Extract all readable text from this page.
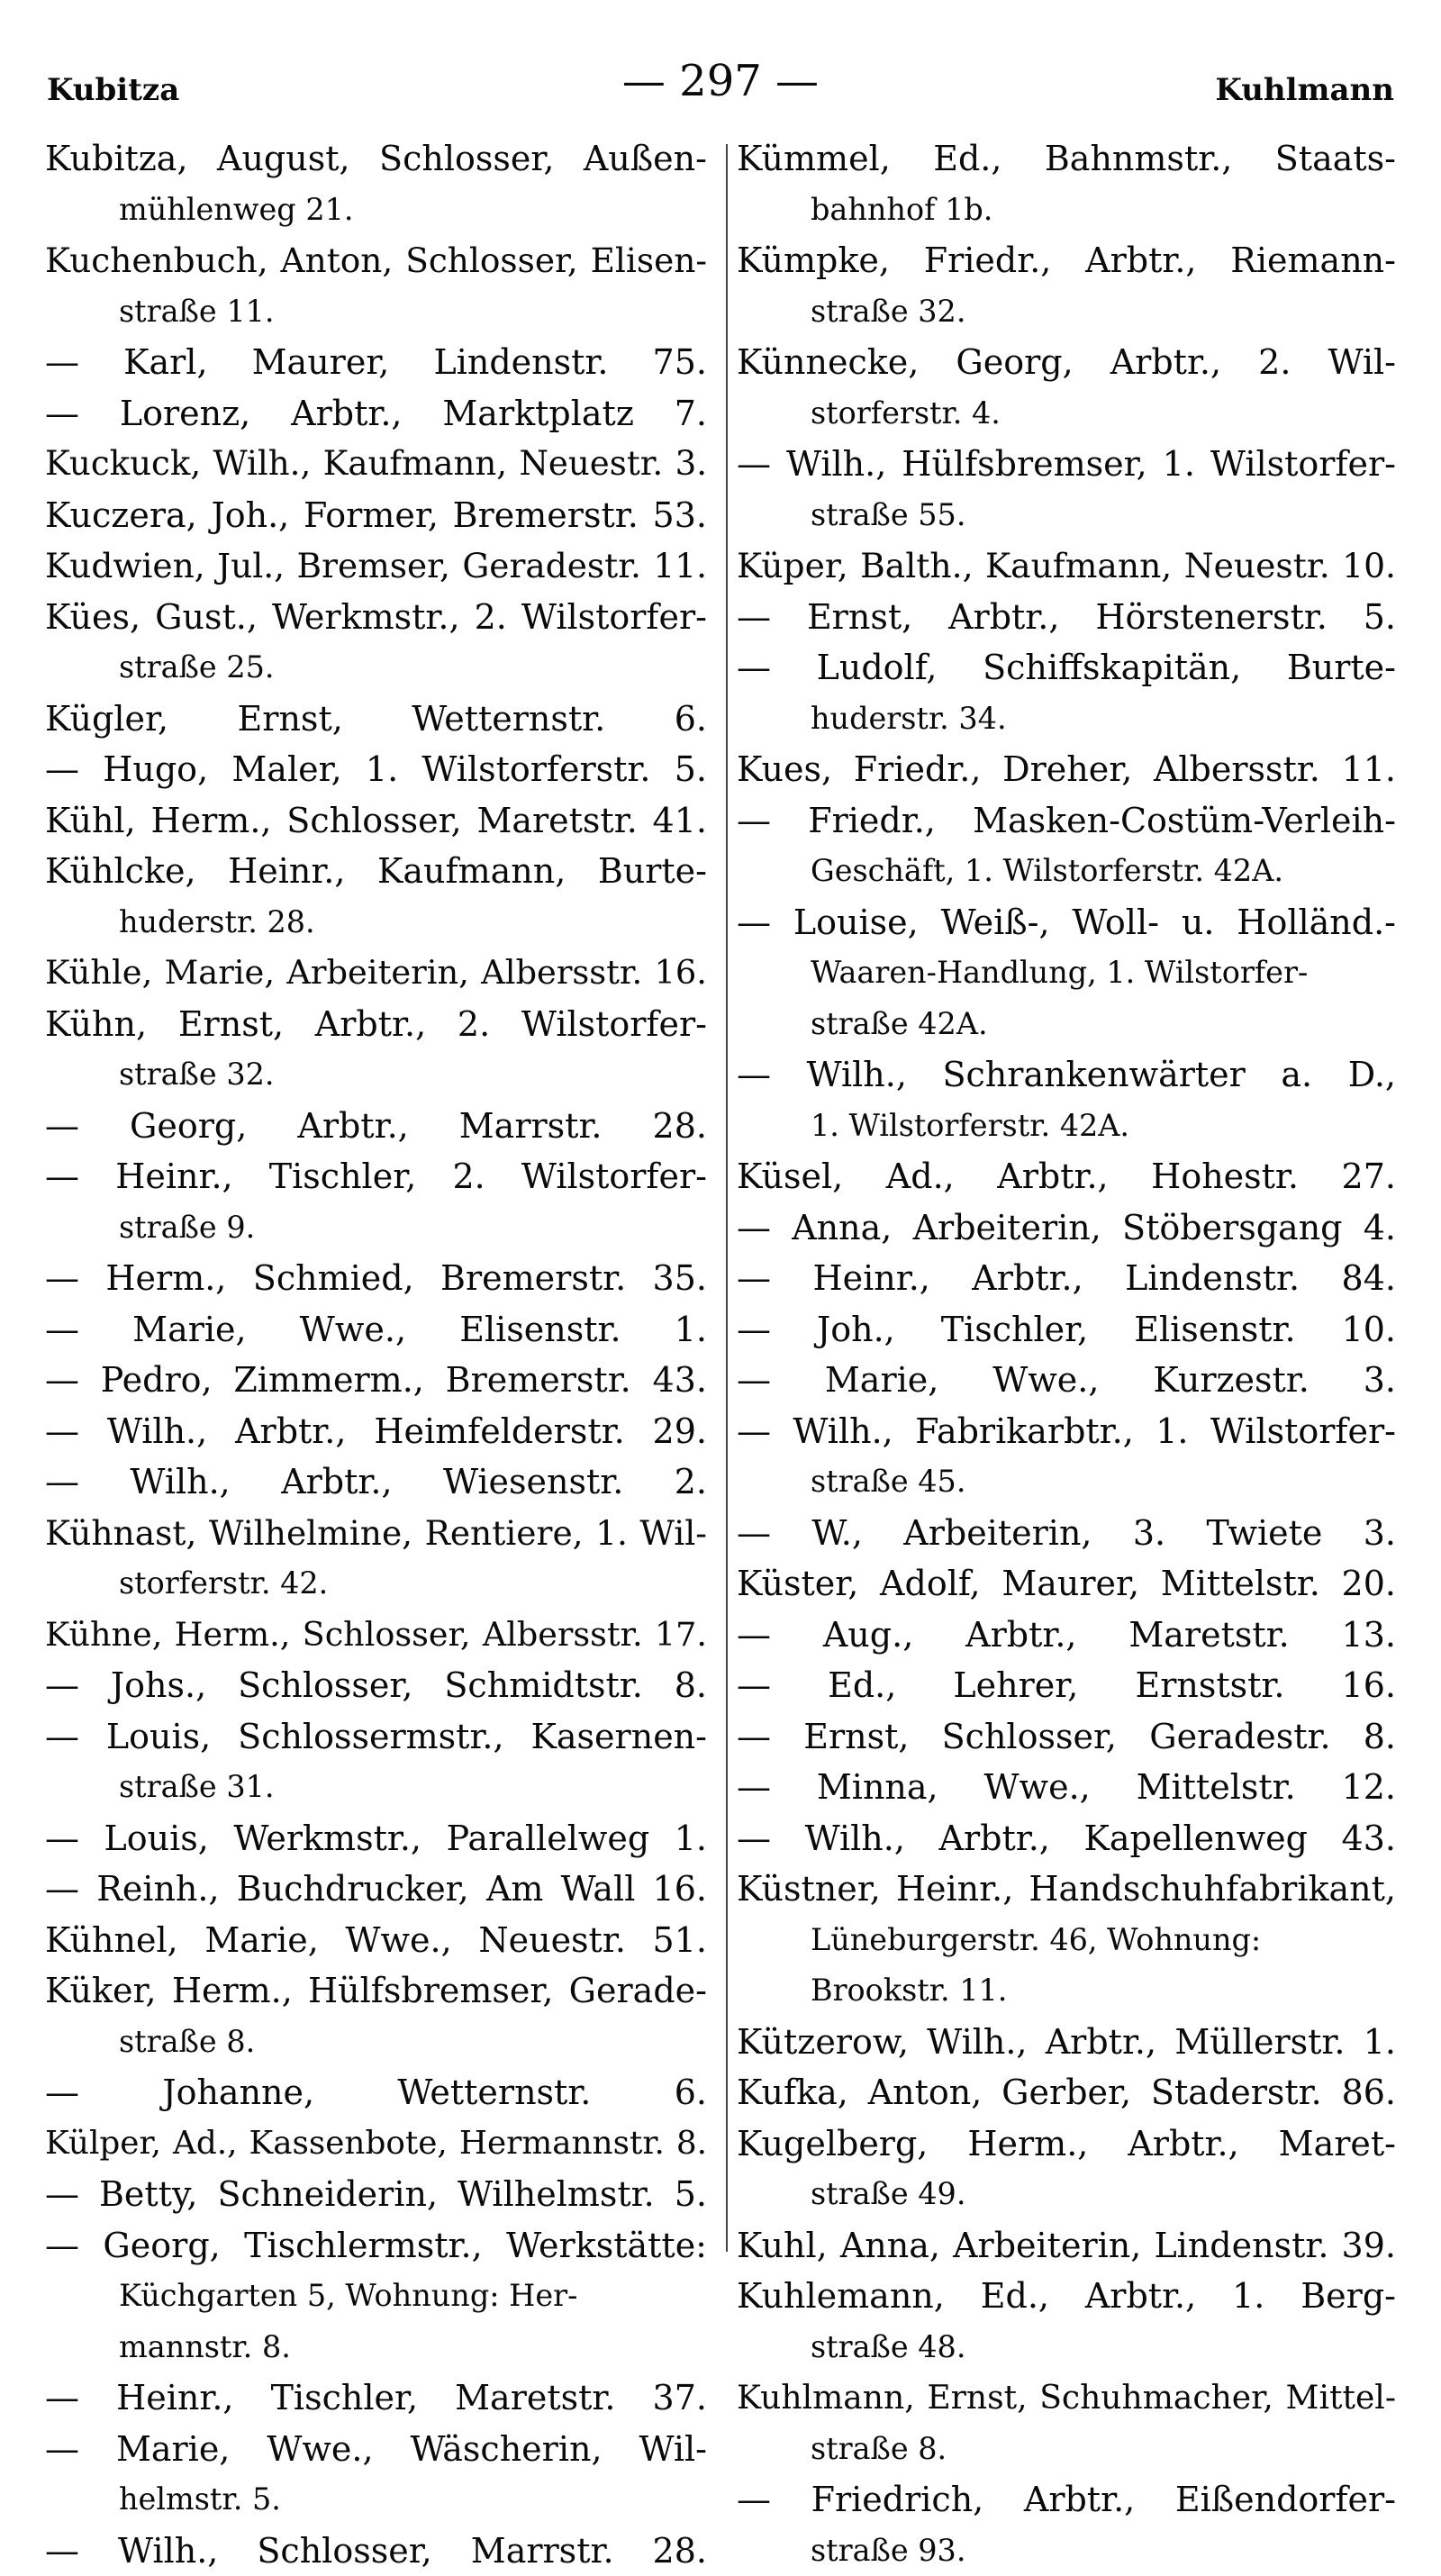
Kubitza	— 297 —	Kuhlmann
Kubitza, August, Schlosser, Außen-
mühlenweg 21.
Kuchenbuch, Anton, Schlosser, Elisen-
straße 11.
— Karl, Maurer, Lindenstr. 75.
— Lorenz, Arbtr., Marktplatz 7.
Kuckuck, Wilh., Kaufmann, Neuestr. 3.
Kuczera, Joh., Former, Bremerstr. 53.
Kudwien, Jul., Bremser, Geradestr. 11.
Kües, Gust., Werkmstr., 2. Wilstorfer-
straße 25.
Kügler, Ernst, Wetternstr. 6.
— Hugo, Maler, 1. Wilstorferstr. 5.
Kühl, Herm., Schlosser, Maretstr. 41.
Kühlcke, Heinr., Kaufmann, Burte-
huderstr. 28.
Kühle, Marie, Arbeiterin, Albersstr. 16.
Kühn, Ernst, Arbtr., 2. Wilstorfer-
straße 32.
— Georg, Arbtr., Marrstr. 28.
— Heinr., Tischler, 2. Wilstorfer-
straße 9.
— Herm., Schmied, Bremerstr. 35.
— Marie, Wwe., Elisenstr. 1.
— Pedro, Zimmerm., Bremerstr. 43.
— Wilh., Arbtr., Heimfelderstr. 29.
— Wilh., Arbtr., Wiesenstr. 2.
Kühnast, Wilhelmine, Rentiere, 1. Wil-
storferstr. 42.
Kühne, Herm., Schlosser, Albersstr. 17.
— Johs., Schlosser, Schmidtstr. 8.
— Louis, Schlossermstr., Kasernen-
straße 31.
— Louis, Werkmstr., Parallelweg 1.
— Reinh., Buchdrucker, Am Wall 16.
Kühnel, Marie, Wwe., Neuestr. 51.
Küker, Herm., Hülfsbremser, Gerade-
straße 8.
— Johanne, Wetternstr. 6.
Külper, Ad., Kassenbote, Hermannstr. 8.
— Betty, Schneiderin, Wilhelmstr. 5.
— Georg, Tischlermstr., Werkstätte:
Küchgarten 5, Wohnung: Her-
mannstr. 8.
— Heinr., Tischler, Maretstr. 37.
— Marie, Wwe., Wäscherin, Wil-
helmstr. 5.
— Wilh., Schlosser, Marrstr. 28.
Kümmel, Ed., Bahnmstr., Staats-
bahnhof 1b.
Kümpke, Friedr., Arbtr., Riemann-
straße 32.
Künnecke, Georg, Arbtr., 2. Wil-
storferstr. 4.
— Wilh., Hülfsbremser, 1. Wilstorfer-
straße 55.
Küper, Balth., Kaufmann, Neuestr. 10.
— Ernst, Arbtr., Hörstenerstr. 5.
— Ludolf, Schiffskapitän, Burte-
huderstr. 34.
Kues, Friedr., Dreher, Albersstr. 11.
— Friedr., Masken-Costüm-Verleih-
Geschäft, 1. Wilstorferstr. 42A.
— Louise, Weiß-, Woll- u. Holländ.-
Waaren-Handlung, 1. Wilstorfer-
straße 42A.
— Wilh., Schrankenwärter a. D.,
1. Wilstorferstr. 42A.
Küsel, Ad., Arbtr., Hohestr. 27.
— Anna, Arbeiterin, Stöbersgang 4.
— Heinr., Arbtr., Lindenstr. 84.
— Joh., Tischler, Elisenstr. 10.
— Marie, Wwe., Kurzestr. 3.
— Wilh., Fabrikarbtr., 1. Wilstorfer-
straße 45.
— W., Arbeiterin, 3. Twiete 3.
Küster, Adolf, Maurer, Mittelstr. 20.
— Aug., Arbtr., Maretstr. 13.
— Ed., Lehrer, Ernststr. 16.
— Ernst, Schlosser, Geradestr. 8.
— Minna, Wwe., Mittelstr. 12.
— Wilh., Arbtr., Kapellenweg 43.
Küstner, Heinr., Handschuhfabrikant,
Lüneburgerstr. 46, Wohnung:
Brookstr. 11.
Kützerow, Wilh., Arbtr., Müllerstr. 1.
Kufka, Anton, Gerber, Staderstr. 86.
Kugelberg, Herm., Arbtr., Maret-
straße 49.
Kuhl, Anna, Arbeiterin, Lindenstr. 39.
Kuhlemann, Ed., Arbtr., 1. Berg-
straße 48.
Kuhlmann, Ernst, Schuhmacher, Mittel-
straße 8.
— Friedrich, Arbtr., Eißendorfer-
straße 93.
